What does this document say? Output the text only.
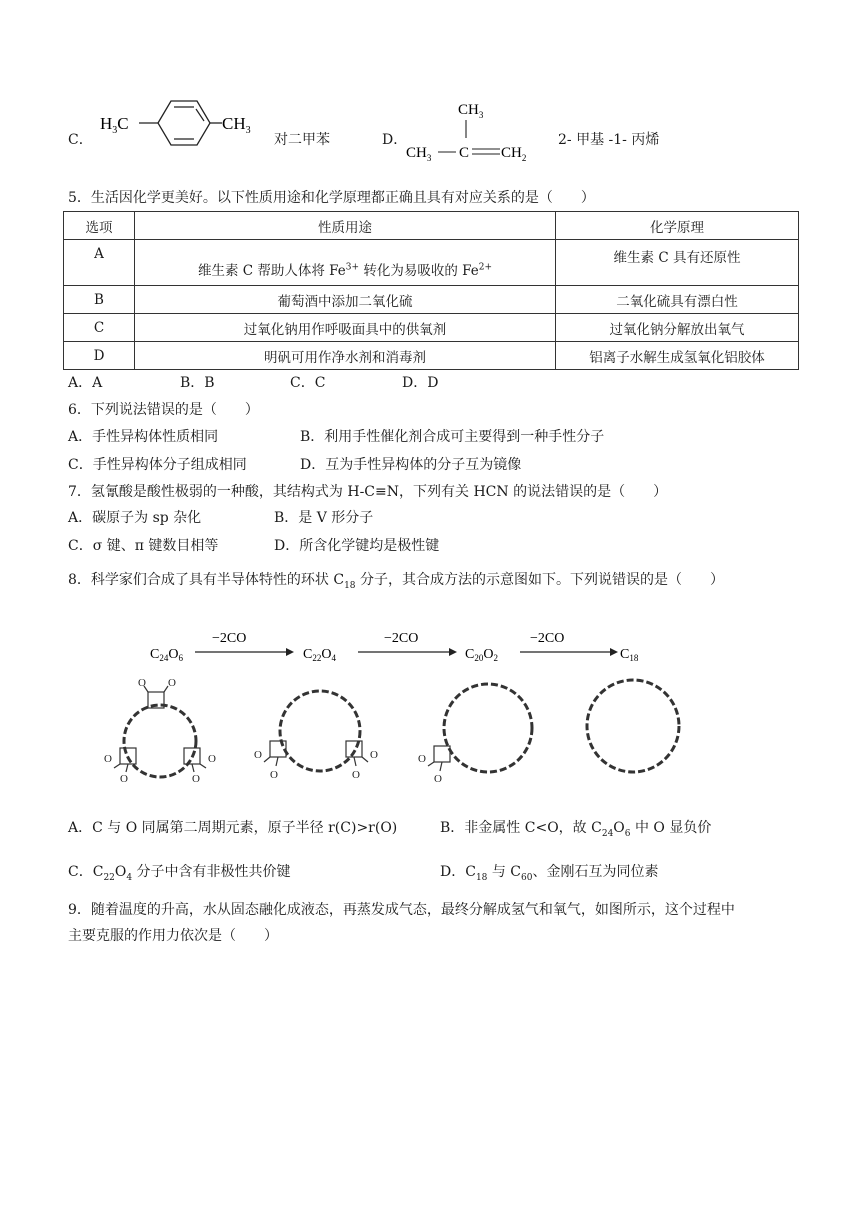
C．
$H_3C$	$CH_3$
对二甲苯	D．
$CH_3$
$CH_3$ C $CH_2$
2- 甲基 -1- 丙烯
5．生活因化学更美好。以下性质用途和化学原理都正确且具有对应关系的是（　　）
选项	性质用途	化学原理
A	维生素 C 帮助人体将 $Fe^{3+}$ 转化为易吸收的 $Fe^{2+}$	维生素 C 具有还原性
B	葡萄酒中添加二氧化硫	二氧化硫具有漂白性
C	过氧化钠用作呼吸面具中的供氧剂	过氧化钠分解放出氧气
D	明矾可用作净水剂和消毒剂	铝离子水解生成氢氧化铝胶体
A．A	B．B	C．C	D．D
6．下列说法错误的是（　　）
A．手性异构体性质相同	B．利用手性催化剂合成可主要得到一种手性分子
C．手性异构体分子组成相同	D．互为手性异构体的分子互为镜像
7．氢氰酸是酸性极弱的一种酸，其结构式为 H-C≡N，下列有关 HCN 的说法错误的是（　　）
A．碳原子为 sp 杂化	B．是 V 形分子
C．σ 键、π 键数目相等	D．所含化学键均是极性键
8．科学家们合成了具有半导体特性的环状 $C_{18}$ 分子，其合成方法的示意图如下。下列说错误的是（　　）
$C_{24}O_6$
−2CO
$C_{22}O_4$
−2CO
$C_{20}O_2$
−2CO
$C_{18}$
O O
O
O
O
O
O
O
O
O
O
O
A．C 与 O 同属第二周期元素，原子半径 r(C)>r(O)	B．非金属性 C<O，故 $C_{24}O_6$ 中 O 显负价
C．$C_{22}O_4$ 分子中含有非极性共价键	D．$C_{18}$ 与 $C_{60}$、金刚石互为同位素
9．随着温度的升高，水从固态融化成液态，再蒸发成气态，最终分解成氢气和氧气，如图所示，这个过程中
主要克服的作用力依次是（　　）
